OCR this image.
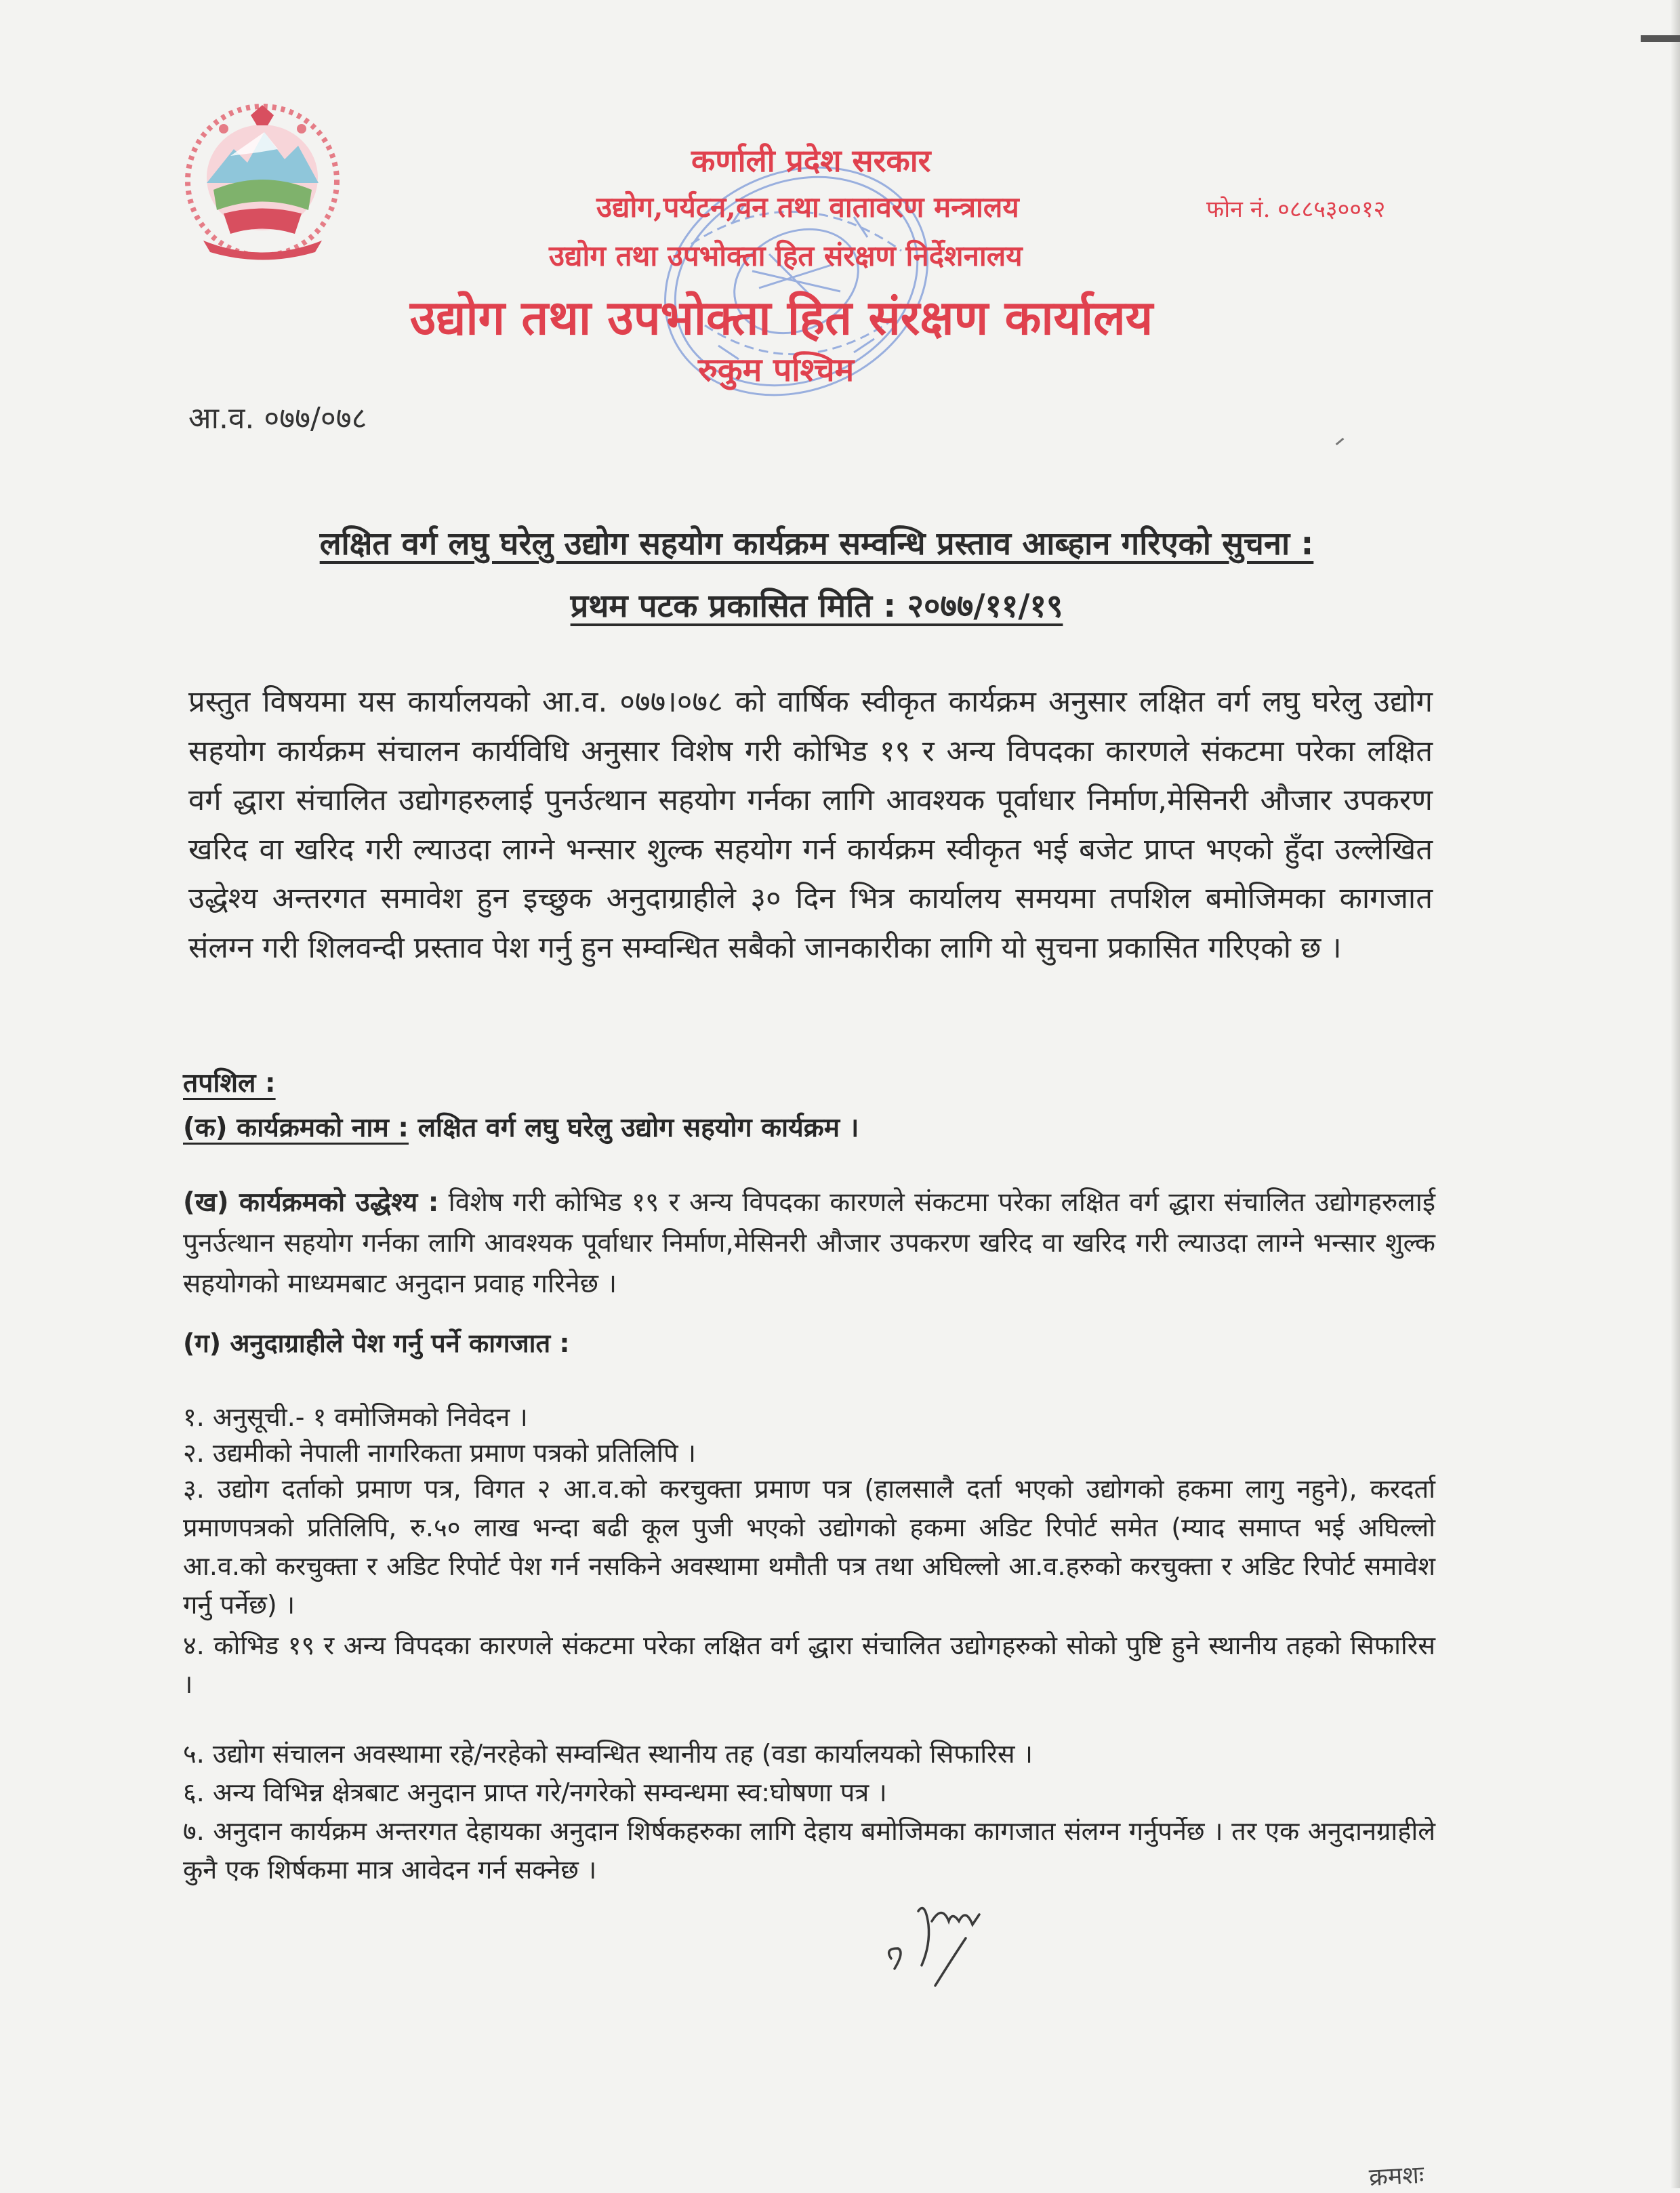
कर्णाली प्रदेश सरकार
उद्योग,पर्यटन,वन तथा वातावरण मन्त्रालय	फोन नं. ०८८५३००१२
उद्योग तथा उपभोक्ता हित संरक्षण निर्देशनालय
उद्योग तथा उपभोक्ता हित संरक्षण कार्यालय
रुकुम पश्चिम
आ.व. ०७७/०७८
लक्षित वर्ग लघु घरेलु उद्योग सहयोग कार्यक्रम सम्वन्धि प्रस्ताव आब्हान गरिएको सुचना :
प्रथम पटक प्रकासित मिति : २०७७/११/१९
प्रस्तुत विषयमा यस कार्यालयको आ.व. ०७७।०७८ को वार्षिक स्वीकृत कार्यक्रम अनुसार लक्षित वर्ग लघु घरेलु उद्योग सहयोग कार्यक्रम संचालन कार्यविधि अनुसार विशेष गरी कोभिड १९ र अन्य विपदका कारणले संकटमा परेका लक्षित वर्ग द्धारा संचालित उद्योगहरुलाई पुनर्उत्थान सहयोग गर्नका लागि आवश्यक पूर्वाधार निर्माण,मेसिनरी औजार उपकरण खरिद वा खरिद गरी ल्याउदा लाग्ने भन्सार शुल्क सहयोग गर्न कार्यक्रम स्वीकृत भई बजेट प्राप्त भएको हुँदा उल्लेखित उद्धेश्य अन्तरगत समावेश हुन इच्छुक अनुदाग्राहीले ३० दिन भित्र कार्यालय समयमा तपशिल बमोजिमका कागजात संलग्न गरी शिलवन्दी प्रस्ताव पेश गर्नु हुन सम्वन्धित सबैको जानकारीका लागि यो सुचना प्रकासित गरिएको छ ।
तपशिल :
(क) कार्यक्रमको नाम : लक्षित वर्ग लघु घरेलु उद्योग सहयोग कार्यक्रम ।
(ख) कार्यक्रमको उद्धेश्य : विशेष गरी कोभिड १९ र अन्य विपदका कारणले संकटमा परेका लक्षित वर्ग द्धारा संचालित उद्योगहरुलाई पुनर्उत्थान सहयोग गर्नका लागि आवश्यक पूर्वाधार निर्माण,मेसिनरी औजार उपकरण खरिद वा खरिद गरी ल्याउदा लाग्ने भन्सार शुल्क सहयोगको माध्यमबाट अनुदान प्रवाह गरिनेछ ।
(ग) अनुदाग्राहीले पेश गर्नु पर्ने कागजात :
१. अनुसूची.- १ वमोजिमको निवेदन ।
२. उद्यमीको नेपाली नागरिकता प्रमाण पत्रको प्रतिलिपि ।
३. उद्योग दर्ताको प्रमाण पत्र, विगत २ आ.व.को करचुक्ता प्रमाण पत्र (हालसालै दर्ता भएको उद्योगको हकमा लागु नहुने), करदर्ता प्रमाणपत्रको प्रतिलिपि, रु.५० लाख भन्दा बढी कूल पुजी भएको उद्योगको हकमा अडिट रिपोर्ट समेत (म्याद समाप्त भई अघिल्लो आ.व.को करचुक्ता र अडिट रिपोर्ट पेश गर्न नसकिने अवस्थामा थमौती पत्र तथा अघिल्लो आ.व.हरुको करचुक्ता र अडिट रिपोर्ट समावेश गर्नु पर्नेछ) ।
४. कोभिड १९ र अन्य विपदका कारणले संकटमा परेका लक्षित वर्ग द्धारा संचालित उद्योगहरुको सोको पुष्टि हुने स्थानीय तहको सिफारिस ।
५. उद्योग संचालन अवस्थामा रहे/नरहेको सम्वन्धित स्थानीय तह (वडा कार्यालयको सिफारिस ।
६. अन्य विभिन्न क्षेत्रबाट अनुदान प्राप्त गरे/नगरेको सम्वन्धमा स्व:घोषणा पत्र ।
७. अनुदान कार्यक्रम अन्तरगत देहायका अनुदान शिर्षकहरुका लागि देहाय बमोजिमका कागजात संलग्न गर्नुपर्नेछ । तर एक अनुदानग्राहीले कुनै एक शिर्षकमा मात्र आवेदन गर्न सक्नेछ ।
क्रमशः
